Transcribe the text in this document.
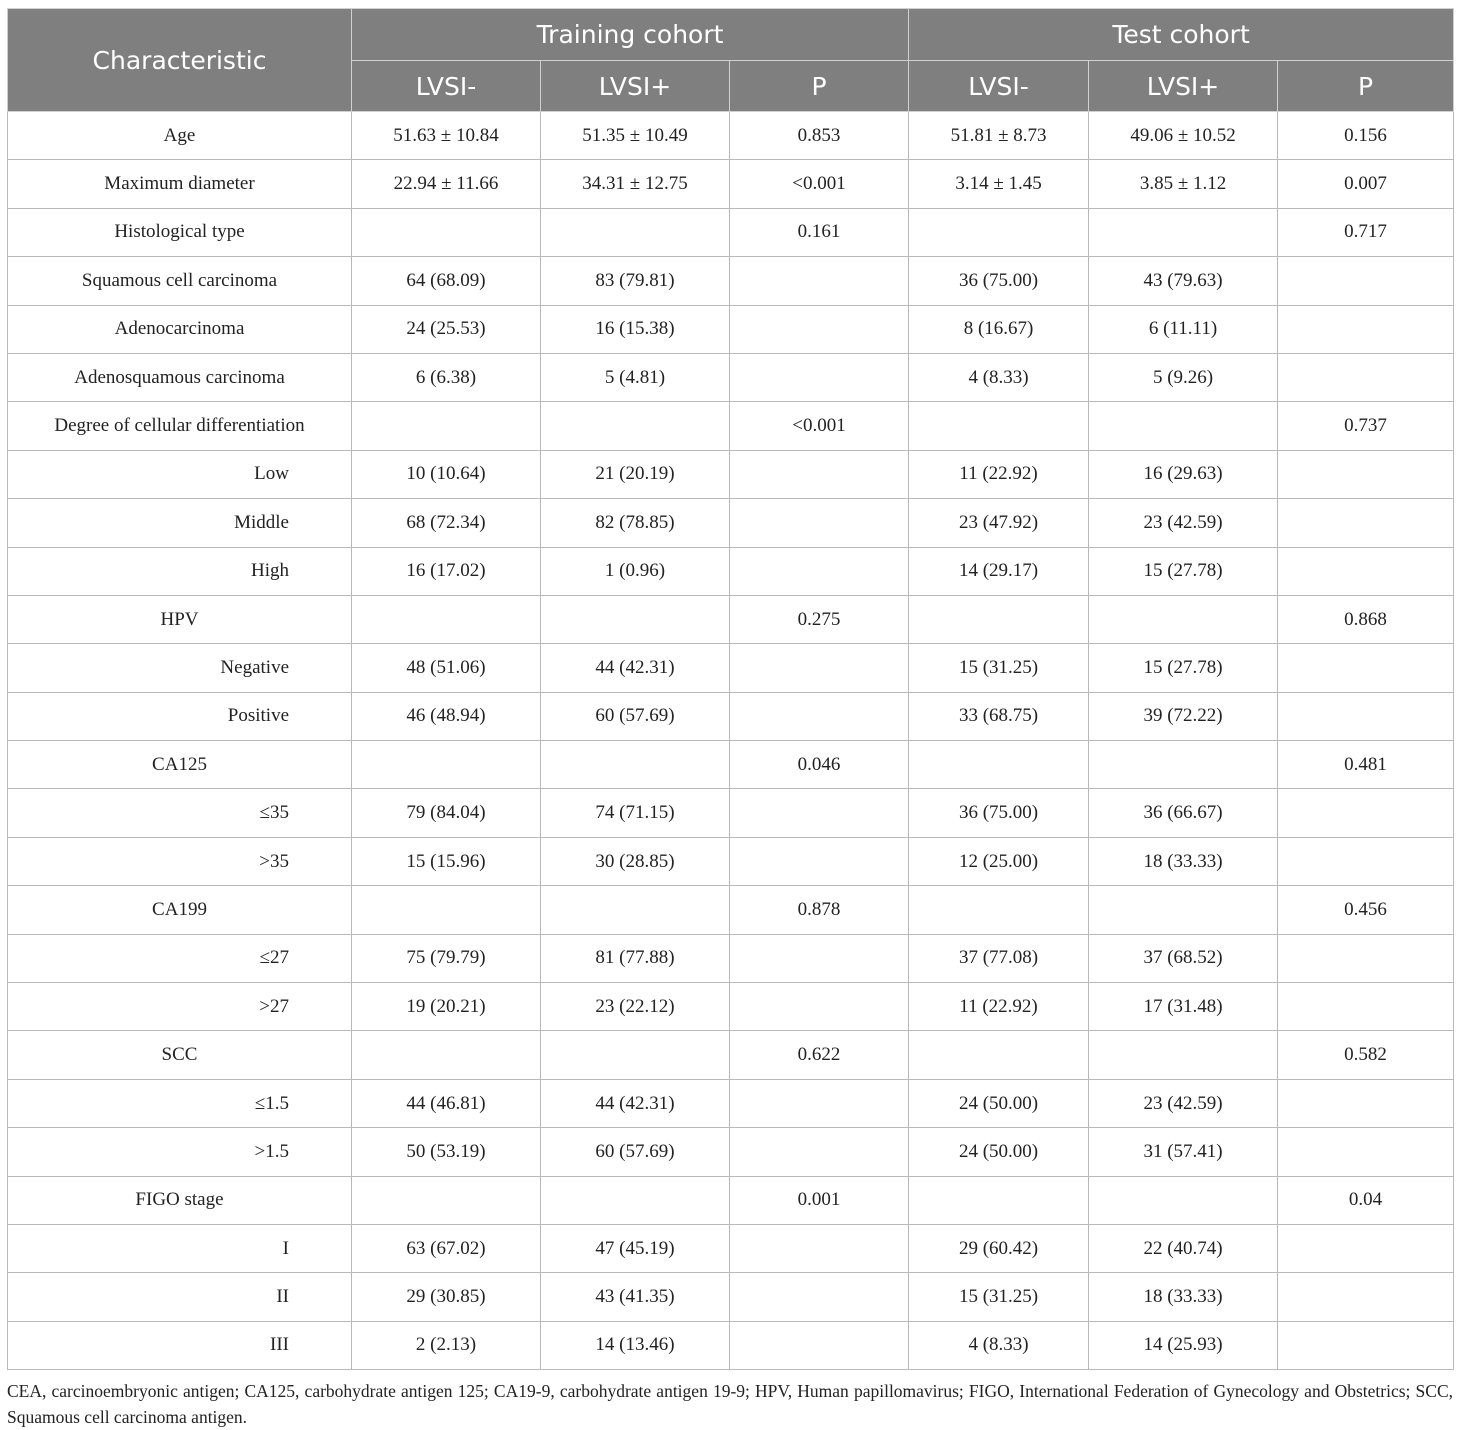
Characteristic	Training cohort			Test cohort		
	LVSI-	LVSI+	P	LVSI-	LVSI+	P
Age	51.63 ± 10.84	51.35 ± 10.49	0.853	51.81 ± 8.73	49.06 ± 10.52	0.156
Maximum diameter	22.94 ± 11.66	34.31 ± 12.75	<0.001	3.14 ± 1.45	3.85 ± 1.12	0.007
Histological type			0.161			0.717
Squamous cell carcinoma	64 (68.09)	83 (79.81)		36 (75.00)	43 (79.63)	
Adenocarcinoma	24 (25.53)	16 (15.38)		8 (16.67)	6 (11.11)	
Adenosquamous carcinoma	6 (6.38)	5 (4.81)		4 (8.33)	5 (9.26)	
Degree of cellular differentiation			<0.001			0.737
Low	10 (10.64)	21 (20.19)		11 (22.92)	16 (29.63)	
Middle	68 (72.34)	82 (78.85)		23 (47.92)	23 (42.59)	
High	16 (17.02)	1 (0.96)		14 (29.17)	15 (27.78)	
HPV			0.275			0.868
Negative	48 (51.06)	44 (42.31)		15 (31.25)	15 (27.78)	
Positive	46 (48.94)	60 (57.69)		33 (68.75)	39 (72.22)	
CA125			0.046			0.481
≤35	79 (84.04)	74 (71.15)		36 (75.00)	36 (66.67)	
>35	15 (15.96)	30 (28.85)		12 (25.00)	18 (33.33)	
CA199			0.878			0.456
≤27	75 (79.79)	81 (77.88)		37 (77.08)	37 (68.52)	
>27	19 (20.21)	23 (22.12)		11 (22.92)	17 (31.48)	
SCC			0.622			0.582
≤1.5	44 (46.81)	44 (42.31)		24 (50.00)	23 (42.59)	
>1.5	50 (53.19)	60 (57.69)		24 (50.00)	31 (57.41)	
FIGO stage			0.001			0.04
I	63 (67.02)	47 (45.19)		29 (60.42)	22 (40.74)	
II	29 (30.85)	43 (41.35)		15 (31.25)	18 (33.33)	
III	2 (2.13)	14 (13.46)		4 (8.33)	14 (25.93)	
CEA, carcinoembryonic antigen; CA125, carbohydrate antigen 125; CA19-9, carbohydrate antigen 19-9; HPV, Human papillomavirus; FIGO, International Federation of Gynecology and Obstetrics; SCC, Squamous cell carcinoma antigen.
